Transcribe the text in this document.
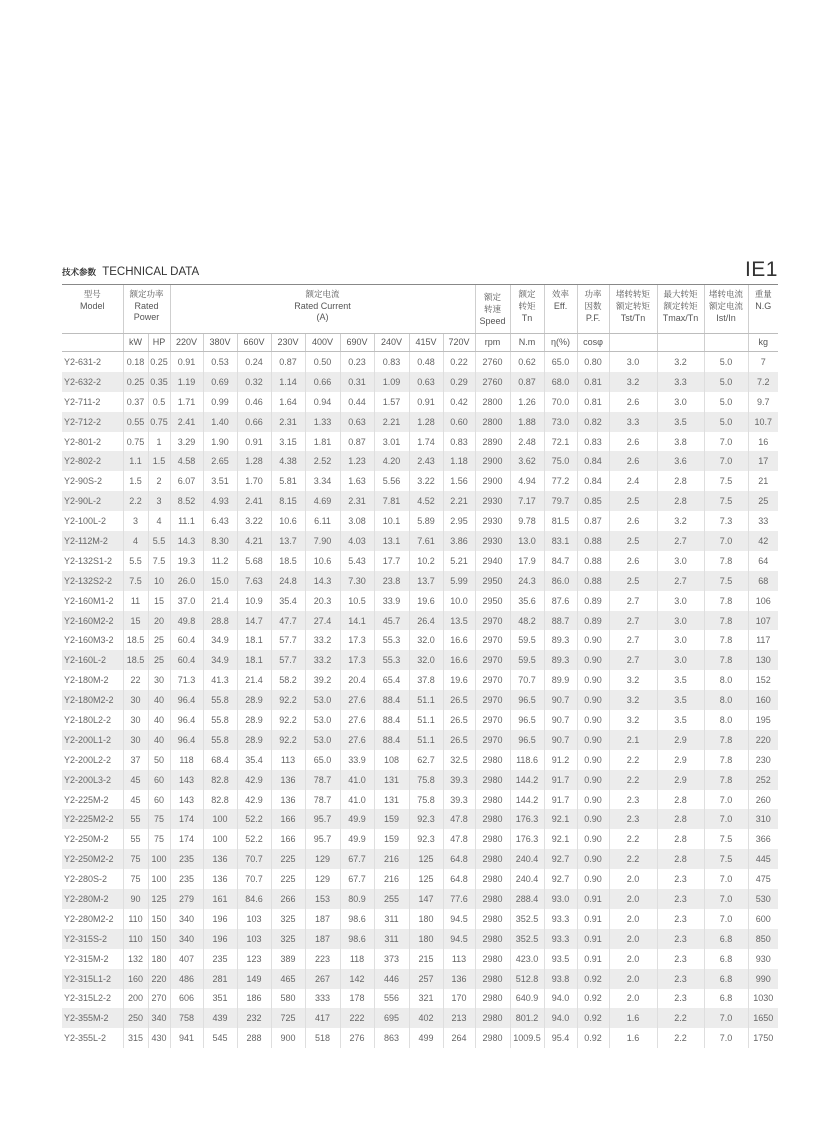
技术参数 TECHNICAL DATA	IE1
型号
Model	额定功率
Rated
Power		额定电流
Rated Current
(A)									额定
转速
Speed	额定
转矩
Tn	效率
Eff.	功率
因数
P.F.	堵转转矩
额定转矩
Tst/Tn	最大转矩
额定转矩
Tmax/Tn	堵转电流
额定电流
Ist/In	重量
N.G
	kW	HP	220V	380V	660V	230V	400V	690V	240V	415V	720V	rpm	N.m	η(%)	cosφ				kg
Y2-631-2	0.18	0.25	0.91	0.53	0.24	0.87	0.50	0.23	0.83	0.48	0.22	2760	0.62	65.0	0.80	3.0	3.2	5.0	7
Y2-632-2	0.25	0.35	1.19	0.69	0.32	1.14	0.66	0.31	1.09	0.63	0.29	2760	0.87	68.0	0.81	3.2	3.3	5.0	7.2
Y2-711-2	0.37	0.5	1.71	0.99	0.46	1.64	0.94	0.44	1.57	0.91	0.42	2800	1.26	70.0	0.81	2.6	3.0	5.0	9.7
Y2-712-2	0.55	0.75	2.41	1.40	0.66	2.31	1.33	0.63	2.21	1.28	0.60	2800	1.88	73.0	0.82	3.3	3.5	5.0	10.7
Y2-801-2	0.75	1	3.29	1.90	0.91	3.15	1.81	0.87	3.01	1.74	0.83	2890	2.48	72.1	0.83	2.6	3.8	7.0	16
Y2-802-2	1.1	1.5	4.58	2.65	1.28	4.38	2.52	1.23	4.20	2.43	1.18	2900	3.62	75.0	0.84	2.6	3.6	7.0	17
Y2-90S-2	1.5	2	6.07	3.51	1.70	5.81	3.34	1.63	5.56	3.22	1.56	2900	4.94	77.2	0.84	2.4	2.8	7.5	21
Y2-90L-2	2.2	3	8.52	4.93	2.41	8.15	4.69	2.31	7.81	4.52	2.21	2930	7.17	79.7	0.85	2.5	2.8	7.5	25
Y2-100L-2	3	4	11.1	6.43	3.22	10.6	6.11	3.08	10.1	5.89	2.95	2930	9.78	81.5	0.87	2.6	3.2	7.3	33
Y2-112M-2	4	5.5	14.3	8.30	4.21	13.7	7.90	4.03	13.1	7.61	3.86	2930	13.0	83.1	0.88	2.5	2.7	7.0	42
Y2-132S1-2	5.5	7.5	19.3	11.2	5.68	18.5	10.6	5.43	17.7	10.2	5.21	2940	17.9	84.7	0.88	2.6	3.0	7.8	64
Y2-132S2-2	7.5	10	26.0	15.0	7.63	24.8	14.3	7.30	23.8	13.7	5.99	2950	24.3	86.0	0.88	2.5	2.7	7.5	68
Y2-160M1-2	11	15	37.0	21.4	10.9	35.4	20.3	10.5	33.9	19.6	10.0	2950	35.6	87.6	0.89	2.7	3.0	7.8	106
Y2-160M2-2	15	20	49.8	28.8	14.7	47.7	27.4	14.1	45.7	26.4	13.5	2970	48.2	88.7	0.89	2.7	3.0	7.8	107
Y2-160M3-2	18.5	25	60.4	34.9	18.1	57.7	33.2	17.3	55.3	32.0	16.6	2970	59.5	89.3	0.90	2.7	3.0	7.8	117
Y2-160L-2	18.5	25	60.4	34.9	18.1	57.7	33.2	17.3	55.3	32.0	16.6	2970	59.5	89.3	0.90	2.7	3.0	7.8	130
Y2-180M-2	22	30	71.3	41.3	21.4	58.2	39.2	20.4	65.4	37.8	19.6	2970	70.7	89.9	0.90	3.2	3.5	8.0	152
Y2-180M2-2	30	40	96.4	55.8	28.9	92.2	53.0	27.6	88.4	51.1	26.5	2970	96.5	90.7	0.90	3.2	3.5	8.0	160
Y2-180L2-2	30	40	96.4	55.8	28.9	92.2	53.0	27.6	88.4	51.1	26.5	2970	96.5	90.7	0.90	3.2	3.5	8.0	195
Y2-200L1-2	30	40	96.4	55.8	28.9	92.2	53.0	27.6	88.4	51.1	26.5	2970	96.5	90.7	0.90	2.1	2.9	7.8	220
Y2-200L2-2	37	50	118	68.4	35.4	113	65.0	33.9	108	62.7	32.5	2980	118.6	91.2	0.90	2.2	2.9	7.8	230
Y2-200L3-2	45	60	143	82.8	42.9	136	78.7	41.0	131	75.8	39.3	2980	144.2	91.7	0.90	2.2	2.9	7.8	252
Y2-225M-2	45	60	143	82.8	42.9	136	78.7	41.0	131	75.8	39.3	2980	144.2	91.7	0.90	2.3	2.8	7.0	260
Y2-225M2-2	55	75	174	100	52.2	166	95.7	49.9	159	92.3	47.8	2980	176.3	92.1	0.90	2.3	2.8	7.0	310
Y2-250M-2	55	75	174	100	52.2	166	95.7	49.9	159	92.3	47.8	2980	176.3	92.1	0.90	2.2	2.8	7.5	366
Y2-250M2-2	75	100	235	136	70.7	225	129	67.7	216	125	64.8	2980	240.4	92.7	0.90	2.2	2.8	7.5	445
Y2-280S-2	75	100	235	136	70.7	225	129	67.7	216	125	64.8	2980	240.4	92.7	0.90	2.0	2.3	7.0	475
Y2-280M-2	90	125	279	161	84.6	266	153	80.9	255	147	77.6	2980	288.4	93.0	0.91	2.0	2.3	7.0	530
Y2-280M2-2	110	150	340	196	103	325	187	98.6	311	180	94.5	2980	352.5	93.3	0.91	2.0	2.3	7.0	600
Y2-315S-2	110	150	340	196	103	325	187	98.6	311	180	94.5	2980	352.5	93.3	0.91	2.0	2.3	6.8	850
Y2-315M-2	132	180	407	235	123	389	223	118	373	215	113	2980	423.0	93.5	0.91	2.0	2.3	6.8	930
Y2-315L1-2	160	220	486	281	149	465	267	142	446	257	136	2980	512.8	93.8	0.92	2.0	2.3	6.8	990
Y2-315L2-2	200	270	606	351	186	580	333	178	556	321	170	2980	640.9	94.0	0.92	2.0	2.3	6.8	1030
Y2-355M-2	250	340	758	439	232	725	417	222	695	402	213	2980	801.2	94.0	0.92	1.6	2.2	7.0	1650
Y2-355L-2	315	430	941	545	288	900	518	276	863	499	264	2980	1009.5	95.4	0.92	1.6	2.2	7.0	1750
